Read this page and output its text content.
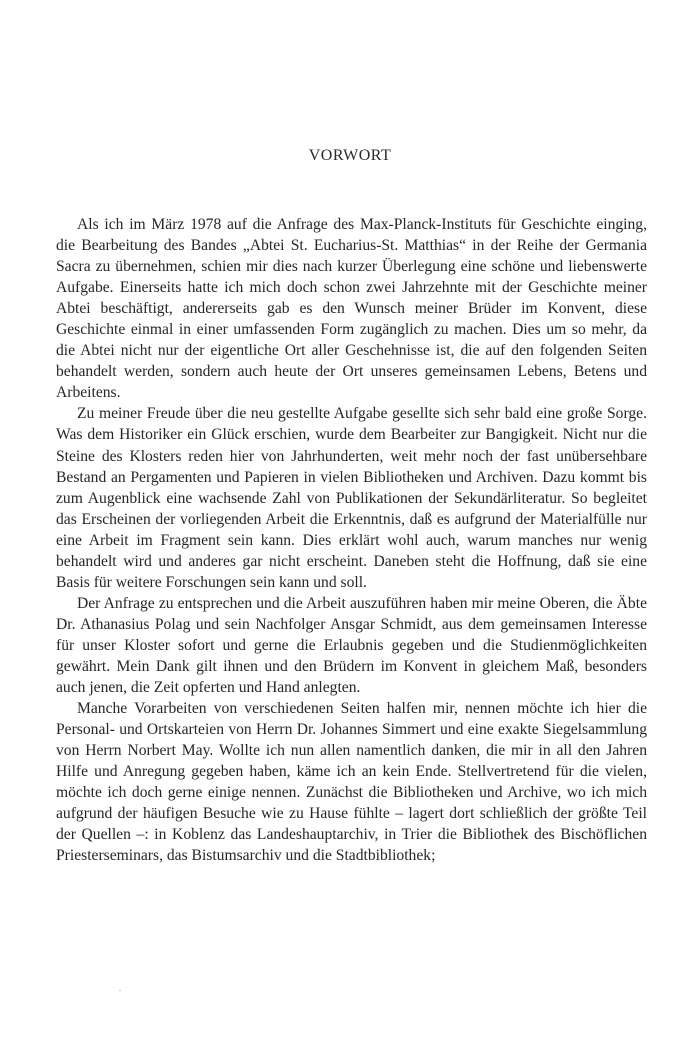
VORWORT

Als ich im März 1978 auf die Anfrage des Max-Planck-Instituts für Geschichte einging, die Bearbeitung des Bandes „Abtei St. Eucharius-St. Matthias“ in der Reihe der Germania Sacra zu übernehmen, schien mir dies nach kurzer Überlegung eine schöne und liebenswerte Aufgabe. Einerseits hatte ich mich doch schon zwei Jahrzehnte mit der Geschichte meiner Abtei beschäftigt, andererseits gab es den Wunsch meiner Brüder im Konvent, diese Geschichte einmal in einer umfassenden Form zugänglich zu machen. Dies um so mehr, da die Abtei nicht nur der eigentliche Ort aller Geschehnisse ist, die auf den folgenden Seiten behandelt werden, sondern auch heute der Ort unseres gemeinsamen Lebens, Betens und Arbeitens.

Zu meiner Freude über die neu gestellte Aufgabe gesellte sich sehr bald eine große Sorge. Was dem Historiker ein Glück erschien, wurde dem Bearbeiter zur Bangigkeit. Nicht nur die Steine des Klosters reden hier von Jahrhunderten, weit mehr noch der fast unübersehbare Bestand an Pergamenten und Papieren in vielen Bibliotheken und Archiven. Dazu kommt bis zum Augenblick eine wachsende Zahl von Publikationen der Sekundärliteratur. So begleitet das Erscheinen der vorliegenden Arbeit die Erkenntnis, daß es aufgrund der Materialfülle nur eine Arbeit im Fragment sein kann. Dies erklärt wohl auch, warum manches nur wenig behandelt wird und anderes gar nicht erscheint. Daneben steht die Hoffnung, daß sie eine Basis für weitere Forschungen sein kann und soll.

Der Anfrage zu entsprechen und die Arbeit auszuführen haben mir meine Oberen, die Äbte Dr. Athanasius Polag und sein Nachfolger Ansgar Schmidt, aus dem gemeinsamen Interesse für unser Kloster sofort und gerne die Erlaubnis gegeben und die Studienmöglichkeiten gewährt. Mein Dank gilt ihnen und den Brüdern im Konvent in gleichem Maß, besonders auch jenen, die Zeit opferten und Hand anlegten.

Manche Vorarbeiten von verschiedenen Seiten halfen mir, nennen möchte ich hier die Personal- und Ortskarteien von Herrn Dr. Johannes Simmert und eine exakte Siegelsammlung von Herrn Norbert May. Wollte ich nun allen namentlich danken, die mir in all den Jahren Hilfe und Anregung gegeben haben, käme ich an kein Ende. Stellvertretend für die vielen, möchte ich doch gerne einige nennen. Zunächst die Bibliotheken und Archive, wo ich mich aufgrund der häufigen Besuche wie zu Hause fühlte – lagert dort schließlich der größte Teil der Quellen –: in Koblenz das Landeshauptarchiv, in Trier die Bibliothek des Bischöflichen Priesterseminars, das Bistumsarchiv und die Stadtbibliothek;
